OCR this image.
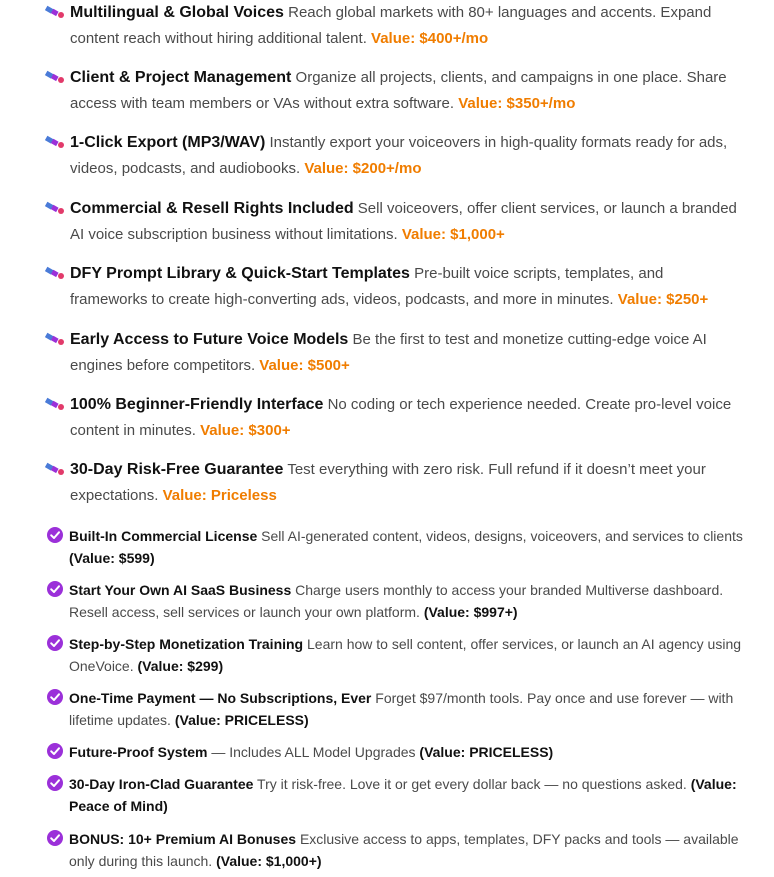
Multilingual & Global Voices Reach global markets with 80+ languages and accents. Expand content reach without hiring additional talent. Value: $400+/mo
Client & Project Management Organize all projects, clients, and campaigns in one place. Share access with team members or VAs without extra software. Value: $350+/mo
1-Click Export (MP3/WAV) Instantly export your voiceovers in high-quality formats ready for ads, videos, podcasts, and audiobooks. Value: $200+/mo
Commercial & Resell Rights Included Sell voiceovers, offer client services, or launch a branded AI voice subscription business without limitations. Value: $1,000+
DFY Prompt Library & Quick-Start Templates Pre-built voice scripts, templates, and frameworks to create high-converting ads, videos, podcasts, and more in minutes. Value: $250+
Early Access to Future Voice Models Be the first to test and monetize cutting-edge voice AI engines before competitors. Value: $500+
100% Beginner-Friendly Interface No coding or tech experience needed. Create pro-level voice content in minutes. Value: $300+
30-Day Risk-Free Guarantee Test everything with zero risk. Full refund if it doesn’t meet your expectations. Value: Priceless
Built-In Commercial License Sell AI-generated content, videos, designs, voiceovers, and services to clients (Value: $599)
Start Your Own AI SaaS Business Charge users monthly to access your branded Multiverse dashboard. Resell access, sell services or launch your own platform. (Value: $997+)
Step-by-Step Monetization Training Learn how to sell content, offer services, or launch an AI agency using OneVoice. (Value: $299)
One-Time Payment — No Subscriptions, Ever Forget $97/month tools. Pay once and use forever — with lifetime updates. (Value: PRICELESS)
Future-Proof System — Includes ALL Model Upgrades (Value: PRICELESS)
30-Day Iron-Clad Guarantee Try it risk-free. Love it or get every dollar back — no questions asked. (Value: Peace of Mind)
BONUS: 10+ Premium AI Bonuses Exclusive access to apps, templates, DFY packs and tools — available only during this launch. (Value: $1,000+)
